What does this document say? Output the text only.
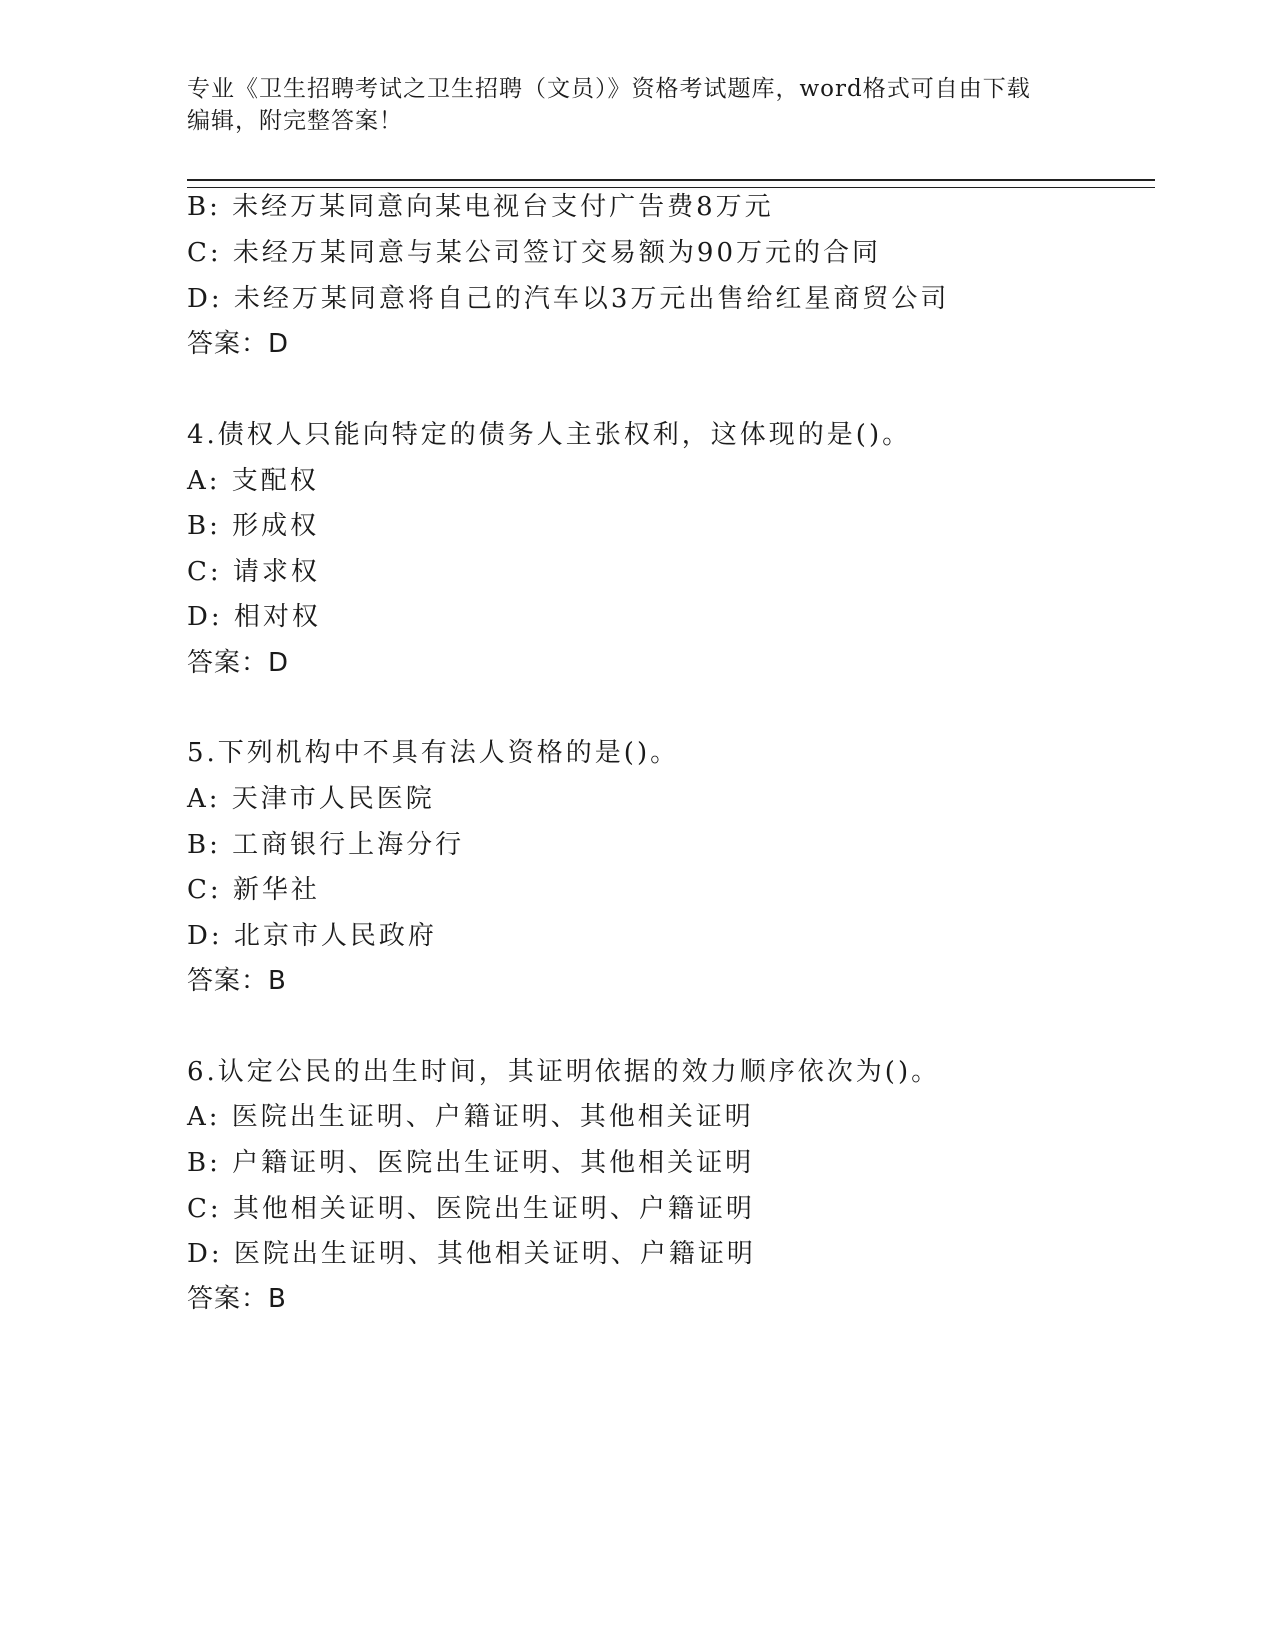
专业《卫生招聘考试之卫生招聘（文员）》资格考试题库，word格式可自由下载
编辑，附完整答案！
B: 未经万某同意向某电视台支付广告费8万元
C: 未经万某同意与某公司签订交易额为90万元的合同
D: 未经万某同意将自己的汽车以3万元出售给红星商贸公司
答案：D
4.债权人只能向特定的债务人主张权利，这体现的是()。
A: 支配权
B: 形成权
C: 请求权
D: 相对权
答案：D
5.下列机构中不具有法人资格的是()。
A: 天津市人民医院
B: 工商银行上海分行
C: 新华社
D: 北京市人民政府
答案：B
6.认定公民的出生时间，其证明依据的效力顺序依次为()。
A: 医院出生证明、户籍证明、其他相关证明
B: 户籍证明、医院出生证明、其他相关证明
C: 其他相关证明、医院出生证明、户籍证明
D: 医院出生证明、其他相关证明、户籍证明
答案：B
